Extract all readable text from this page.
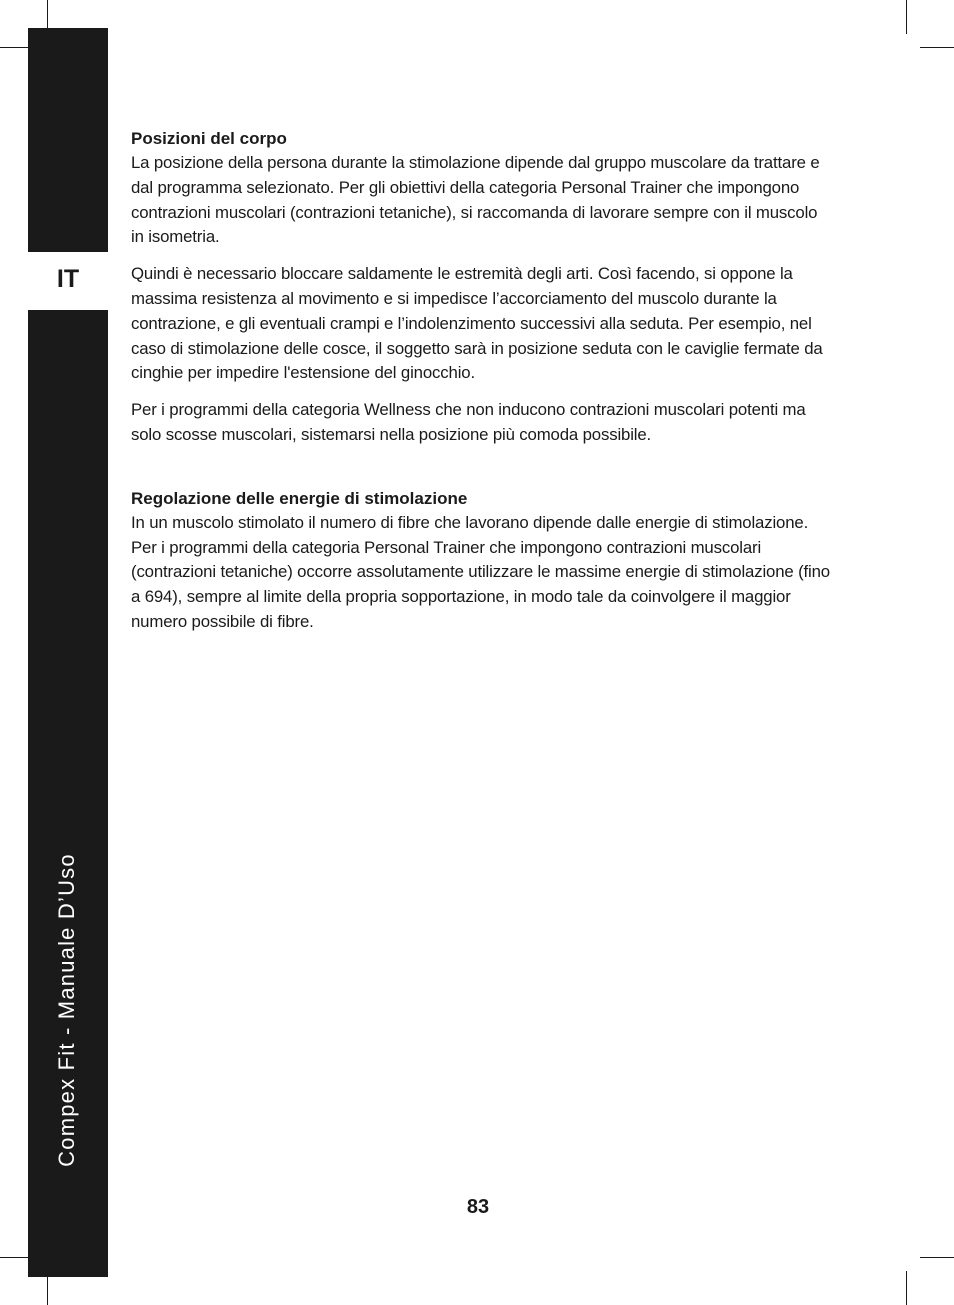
IT
Compex Fit - Manuale D’Uso
Posizioni del corpo

La posizione della persona durante la stimolazione dipende dal gruppo muscolare da trattare e dal programma selezionato. Per gli obiettivi della categoria Personal Trainer che impongono contrazioni muscolari (contrazioni tetaniche), si raccomanda di lavorare sempre con il muscolo in isometria.

Quindi è necessario bloccare saldamente le estremità degli arti. Così facendo, si oppone la massima resistenza al movimento e si impedisce l’accorciamento del muscolo durante la contrazione, e gli eventuali crampi e l’indolenzimento successivi alla seduta. Per esempio, nel caso di stimolazione delle cosce, il soggetto sarà in posizione seduta con le caviglie fermate da cinghie per impedire l'estensione del ginocchio.

Per i programmi della categoria Wellness che non inducono contrazioni muscolari potenti ma solo scosse muscolari, sistemarsi nella posizione più comoda possibile.

Regolazione delle energie di stimolazione

In un muscolo stimolato il numero di fibre che lavorano dipende dalle energie di stimolazione. Per i programmi della categoria Personal Trainer che impongono contrazioni muscolari (contrazioni tetaniche) occorre assolutamente utilizzare le massime energie di stimolazione (fino a 694), sempre al limite della propria sopportazione, in modo tale da coinvolgere il maggior numero possibile di fibre.

83
